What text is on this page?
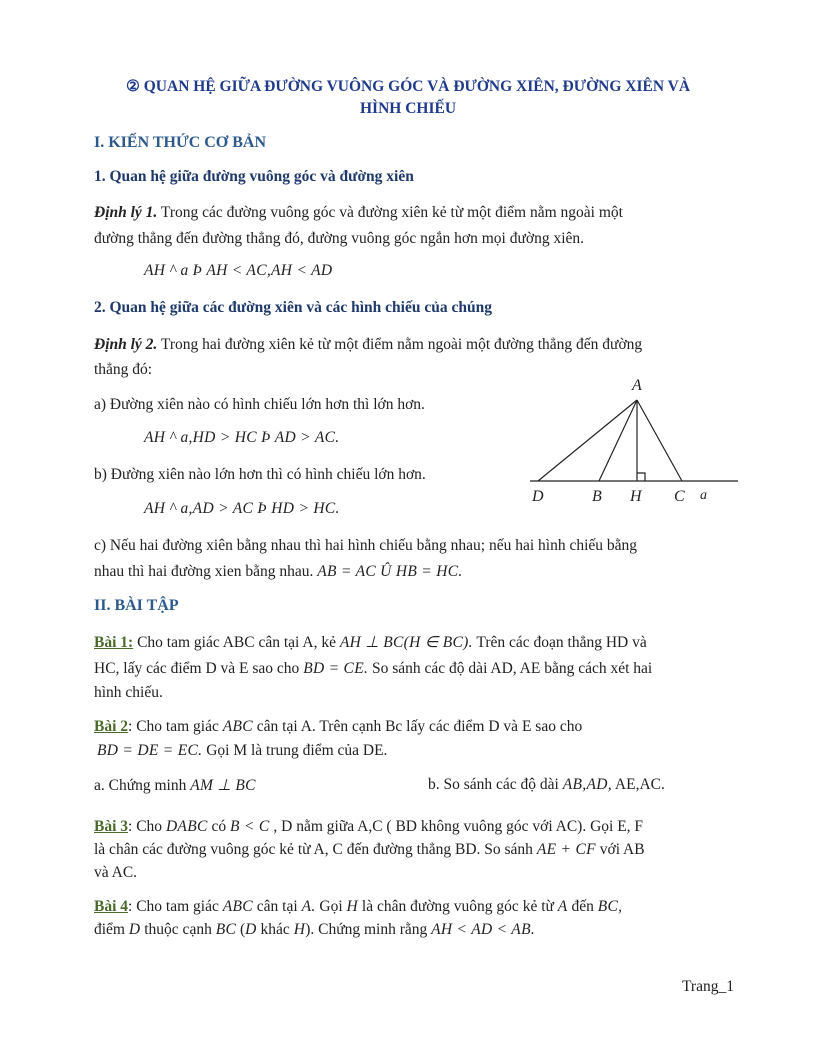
② QUAN HỆ GIỮA ĐƯỜNG VUÔNG GÓC VÀ ĐƯỜNG XIÊN, ĐƯỜNG XIÊN VÀ
HÌNH CHIẾU
I. KIẾN THỨC CƠ BẢN
1. Quan hệ giữa đường vuông góc và đường xiên
Định lý 1. Trong các đường vuông góc và đường xiên kẻ từ một điểm nằm ngoài một
đường thẳng đến đường thẳng đó, đường vuông góc ngắn hơn mọi đường xiên.
AH ^ a Þ AH < AC,AH < AD
2. Quan hệ giữa các đường xiên và các hình chiếu của chúng
Định lý 2. Trong hai đường xiên kẻ từ một điểm nằm ngoài một đường thẳng đến đường
thẳng đó:
a) Đường xiên nào có hình chiếu lớn hơn thì lớn hơn.
AH ^ a,HD > HC Þ AD > AC.
b) Đường xiên nào lớn hơn thì có hình chiếu lớn hơn.
AH ^ a,AD > AC Þ HD > HC.
c) Nếu hai đường xiên bằng nhau thì hai hình chiếu bằng nhau; nếu hai hình chiếu bằng
nhau thì hai đường xien bằng nhau. AB = AC Û HB = HC.
A
D	B H C a
II. BÀI TẬP
Bài 1: Cho tam giác ABC cân tại A, kẻ AH ⊥ BC(H ∈ BC). Trên các đoạn thẳng HD và
HC, lấy các điểm D và E sao cho BD = CE. So sánh các độ dài AD, AE bằng cách xét hai
hình chiếu.
Bài 2: Cho tam giác ABC cân tại A. Trên cạnh Bc lấy các điểm D và E sao cho
BD = DE = EC. Gọi M là trung điểm của DE.
a. Chứng minh AM ⊥ BC	b. So sánh các độ dài AB,AD, AE,AC.
Bài 3: Cho DABC có B < C , D nằm giữa A,C ( BD không vuông góc với AC). Gọi E, F
là chân các đường vuông góc kẻ từ A, C đến đường thẳng BD. So sánh AE + CF với AB
và AC.
Bài 4: Cho tam giác ABC cân tại A. Gọi H là chân đường vuông góc kẻ từ A đến BC,
điểm D thuộc cạnh BC (D khác H). Chứng minh rằng AH < AD < AB.
Trang_1
